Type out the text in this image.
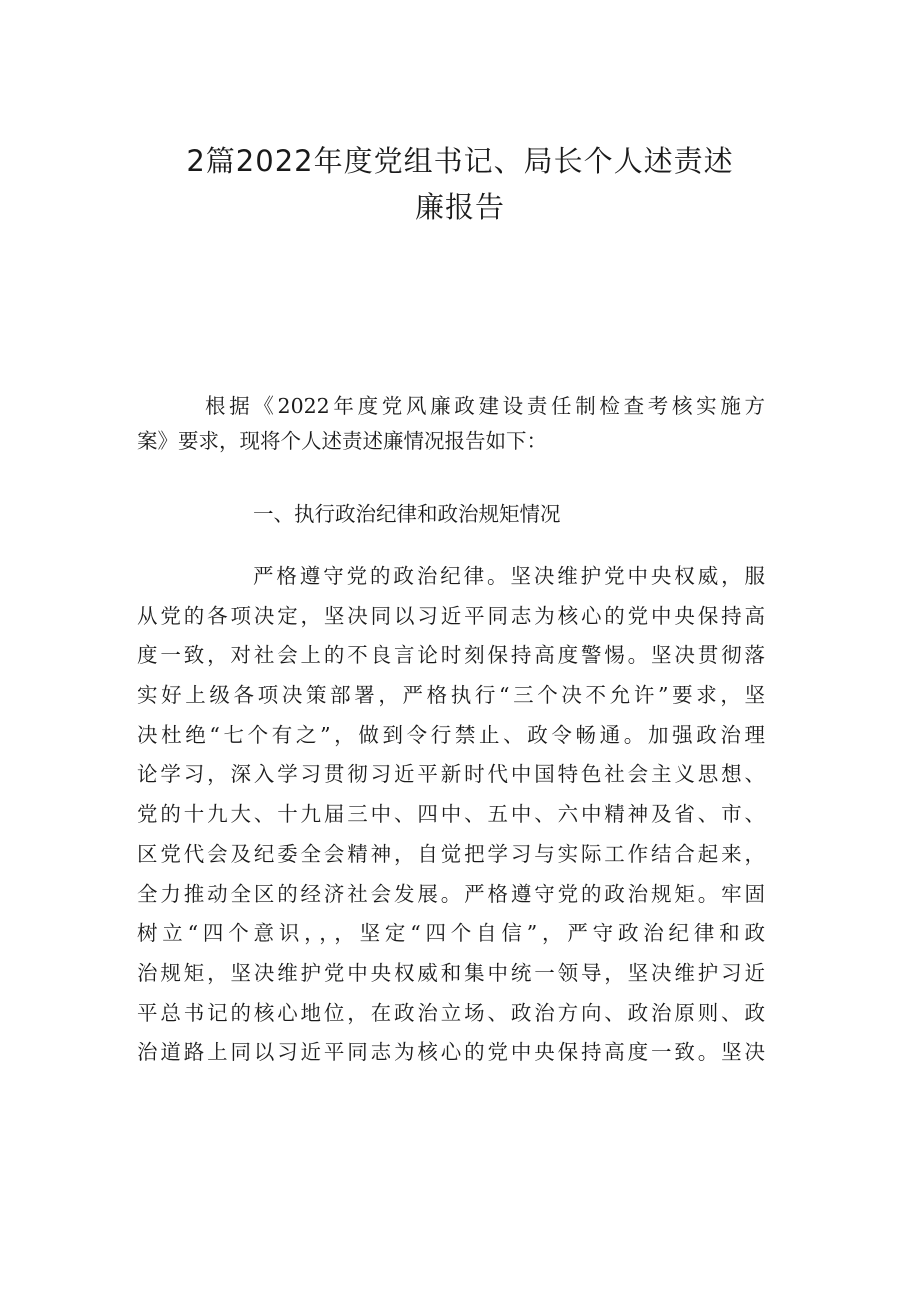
2篇2022年度党组书记、局长个人述责述
廉报告
根据《2022年度党风廉政建设责任制检查考核实施方
案》要求，现将个人述责述廉情况报告如下：
一、执行政治纪律和政治规矩情况
严格遵守党的政治纪律。坚决维护党中央权威，服
从党的各项决定，坚决同以习近平同志为核心的党中央保持高
度一致，对社会上的不良言论时刻保持高度警惕。坚决贯彻落
实好上级各项决策部署，严格执行“三个决不允许”要求，坚
决杜绝“七个有之”，做到令行禁止、政令畅通。加强政治理
论学习，深入学习贯彻习近平新时代中国特色社会主义思想、
党的十九大、十九届三中、四中、五中、六中精神及省、市、
区党代会及纪委全会精神，自觉把学习与实际工作结合起来，
全力推动全区的经济社会发展。严格遵守党的政治规矩。牢固
树立“四个意识，，，坚定“四个自信”，严守政治纪律和政
治规矩，坚决维护党中央权威和集中统一领导，坚决维护习近
平总书记的核心地位，在政治立场、政治方向、政治原则、政
治道路上同以习近平同志为核心的党中央保持高度一致。坚决
